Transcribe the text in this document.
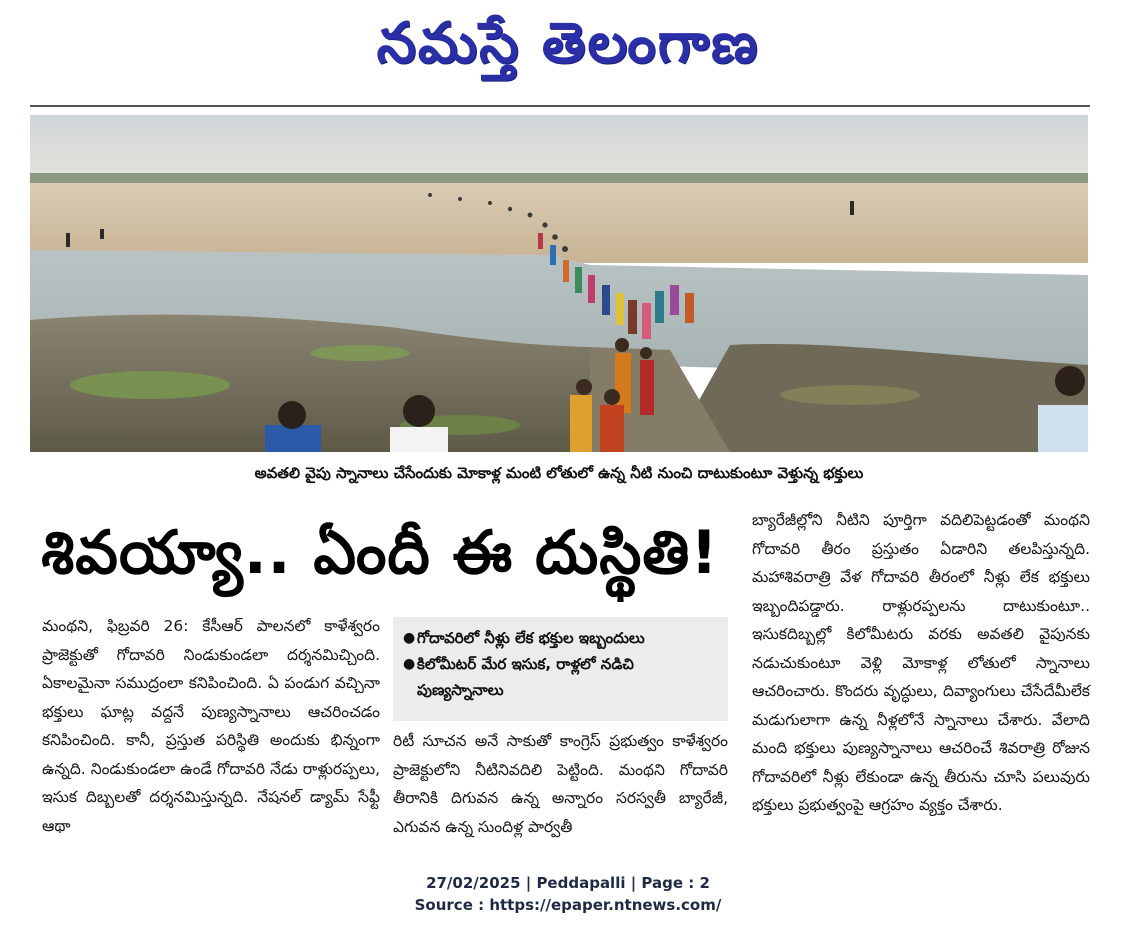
నమస్తే తెలంగాణ
అవతలి వైపు స్నానాలు చేసేందుకు మోకాళ్ల మంటి లోతులో ఉన్న నీటి నుంచి దాటుకుంటూ వెళ్తున్న భక్తులు
శివయ్యా.. ఏందీ ఈ దుస్థితి!
మంథని, ఫిబ్రవరి 26: కేసీఆర్ పాలనలో కాళేశ్వరం ప్రాజెక్టుతో గోదావరి నిండుకుండలా దర్శనమిచ్చింది. ఏకాలమైనా సముద్రంలా కనిపించింది. ఏ పండుగ వచ్చినా భక్తులు ఘాట్ల వద్దనే పుణ్యస్నానాలు ఆచరించడం కనిపించింది. కానీ, ప్రస్తుత పరిస్థితి అందుకు భిన్నంగా ఉన్నది. నిండుకుండలా ఉండే గోదావరి నేడు రాళ్లురప్పలు, ఇసుక దిబ్బలతో దర్శనమిస్తున్నది. నేషనల్ డ్యామ్ సేఫ్టీ ఆథా
● గోదావరిలో నీళ్లు లేక భక్తుల ఇబ్బందులు
● కిలోమీటర్ మేర ఇసుక, రాళ్లలో నడిచి పుణ్యస్నానాలు
రిటీ సూచన అనే సాకుతో కాంగ్రెస్ ప్రభుత్వం కాళేశ్వరం ప్రాజెక్టులోని నీటినివదిలి పెట్టింది. మంథని గోదావరి తీరానికి దిగువన ఉన్న అన్నారం సరస్వతీ బ్యారేజీ, ఎగువన ఉన్న సుందిళ్ల పార్వతీ
బ్యారేజీల్లోని నీటిని పూర్తిగా వదిలిపెట్టడంతో మంథని గోదావరి తీరం ప్రస్తుతం ఏడారిని తలపిస్తున్నది. మహాశివరాత్రి వేళ గోదావరి తీరంలో నీళ్లు లేక భక్తులు ఇబ్బందిపడ్డారు. రాళ్లురప్పలను దాటుకుంటూ.. ఇసుకదిబ్బల్లో కిలోమీటరు వరకు అవతలి వైపునకు నడుచుకుంటూ వెళ్లి మోకాళ్ల లోతులో స్నానాలు ఆచరించారు. కొందరు వృద్ధులు, దివ్యాంగులు చేసేదేమీలేక మడుగులాగా ఉన్న నీళ్లలోనే స్నానాలు చేశారు. వేలాది మంది భక్తులు పుణ్యస్నానాలు ఆచరించే శివరాత్రి రోజున గోదావరిలో నీళ్లు లేకుండా ఉన్న తీరును చూసి పలువురు భక్తులు ప్రభుత్వంపై ఆగ్రహం వ్యక్తం చేశారు.
27/02/2025 | Peddapalli | Page : 2
Source : https://epaper.ntnews.com/
